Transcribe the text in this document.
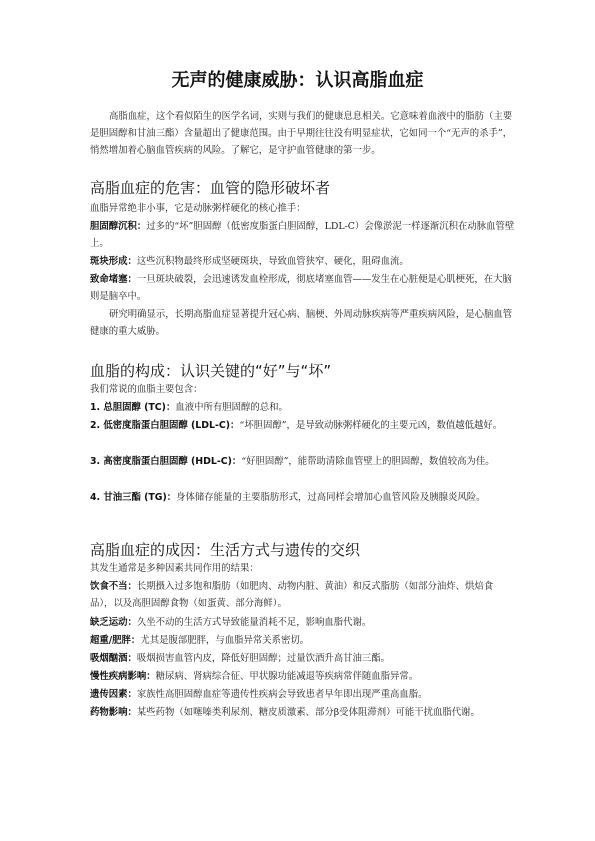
无声的健康威胁：认识高脂血症
高脂血症，这个看似陌生的医学名词，实则与我们的健康息息相关。它意味着血液中的脂肪（主要是胆固醇和甘油三酯）含量超出了健康范围。由于早期往往没有明显症状，它如同一个“无声的杀手”，悄然增加着心脑血管疾病的风险。了解它，是守护血管健康的第一步。
高脂血症的危害：血管的隐形破坏者
血脂异常绝非小事，它是动脉粥样硬化的核心推手：
胆固醇沉积：过多的“坏”胆固醇（低密度脂蛋白胆固醇，LDL-C）会像淤泥一样逐渐沉积在动脉血管壁上。
斑块形成：这些沉积物最终形成坚硬斑块，导致血管狭窄、硬化，阻碍血流。
致命堵塞：一旦斑块破裂，会迅速诱发血栓形成，彻底堵塞血管——发生在心脏便是心肌梗死，在大脑则是脑卒中。
研究明确显示，长期高脂血症显著提升冠心病、脑梗、外周动脉疾病等严重疾病风险，是心脑血管健康的重大威胁。
血脂的构成：认识关键的“好”与“坏”
我们常说的血脂主要包含：
1. 总胆固醇 (TC)：血液中所有胆固醇的总和。
2. 低密度脂蛋白胆固醇 (LDL-C)：“坏胆固醇”，是导致动脉粥样硬化的主要元凶，数值越低越好。
3. 高密度脂蛋白胆固醇 (HDL-C)：“好胆固醇”，能帮助清除血管壁上的胆固醇，数值较高为佳。
4. 甘油三酯 (TG)：身体储存能量的主要脂肪形式，过高同样会增加心血管风险及胰腺炎风险。
高脂血症的成因：生活方式与遗传的交织
其发生通常是多种因素共同作用的结果：
饮食不当：长期摄入过多饱和脂肪（如肥肉、动物内脏、黄油）和反式脂肪（如部分油炸、烘焙食品），以及高胆固醇食物（如蛋黄、部分海鲜）。
缺乏运动：久坐不动的生活方式导致能量消耗不足，影响血脂代谢。
超重/肥胖：尤其是腹部肥胖，与血脂异常关系密切。
吸烟酗酒：吸烟损害血管内皮，降低好胆固醇；过量饮酒升高甘油三酯。
慢性疾病影响：糖尿病、肾病综合征、甲状腺功能减退等疾病常伴随血脂异常。
遗传因素：家族性高胆固醇血症等遗传性疾病会导致患者早年即出现严重高血脂。
药物影响：某些药物（如噻嗪类利尿剂、糖皮质激素、部分β受体阻滞剂）可能干扰血脂代谢。
